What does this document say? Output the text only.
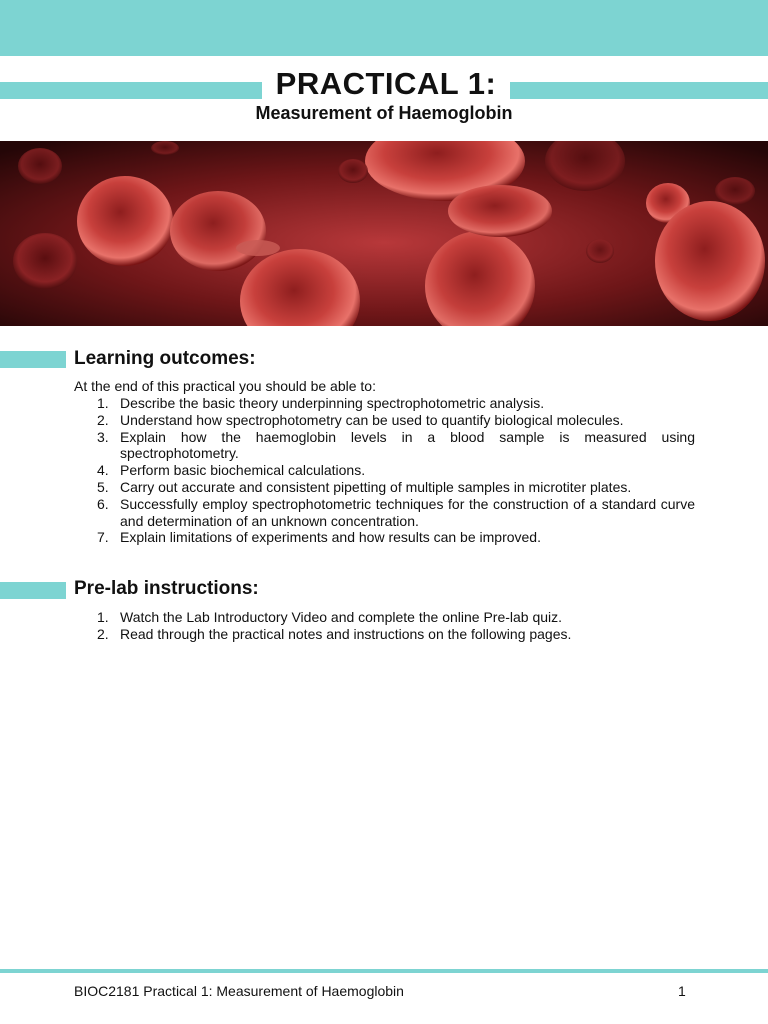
PRACTICAL 1:
Measurement of Haemoglobin
Learning outcomes:
At the end of this practical you should be able to:
1. Describe the basic theory underpinning spectrophotometric analysis.
2. Understand how spectrophotometry can be used to quantify biological molecules.
3. Explain how the haemoglobin levels in a blood sample is measured using spectrophotometry.
4. Perform basic biochemical calculations.
5. Carry out accurate and consistent pipetting of multiple samples in microtiter plates.
6. Successfully employ spectrophotometric techniques for the construction of a standard curve and determination of an unknown concentration.
7. Explain limitations of experiments and how results can be improved.
Pre-lab instructions:
1. Watch the Lab Introductory Video and complete the online Pre-lab quiz.
2. Read through the practical notes and instructions on the following pages.
BIOC2181 Practical 1: Measurement of Haemoglobin	1
